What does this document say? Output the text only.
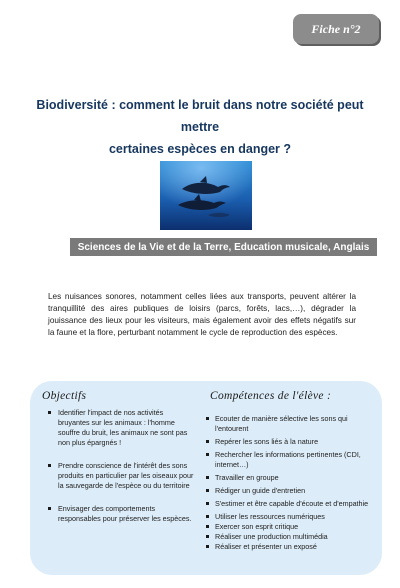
Fiche n°2
Biodiversité : comment le bruit dans notre société peut mettre
certaines espèces en danger ?
Sciences de la Vie et de la Terre, Education musicale, Anglais
Les nuisances sonores, notamment celles liées aux transports, peuvent altérer la tranquillité des aires publiques de loisirs (parcs, forêts, lacs,…), dégrader la jouissance des lieux pour les visiteurs, mais également avoir des effets négatifs sur la faune et la flore, perturbant notamment le cycle de reproduction des espèces.
Objectifs	Compétences de l'élève :
Identifier l'impact de nos activités bruyantes sur les animaux : l'homme souffre du bruit, les animaux ne sont pas non plus épargnés !
Prendre conscience de l'intérêt des sons produits en particulier par les oiseaux pour la sauvegarde de l'espèce ou du territoire
Envisager des comportements responsables pour préserver les espèces.
Ecouter de manière sélective les sons qui l'entourent
Repérer les sons liés à la nature
Rechercher les informations pertinentes (CDI, internet…)
Travailler en groupe
Rédiger un guide d'entretien
S'estimer et être capable d'écoute et d'empathie
Utiliser les ressources numériques
Exercer son esprit critique
Réaliser une production multimédia
Réaliser et présenter un exposé
